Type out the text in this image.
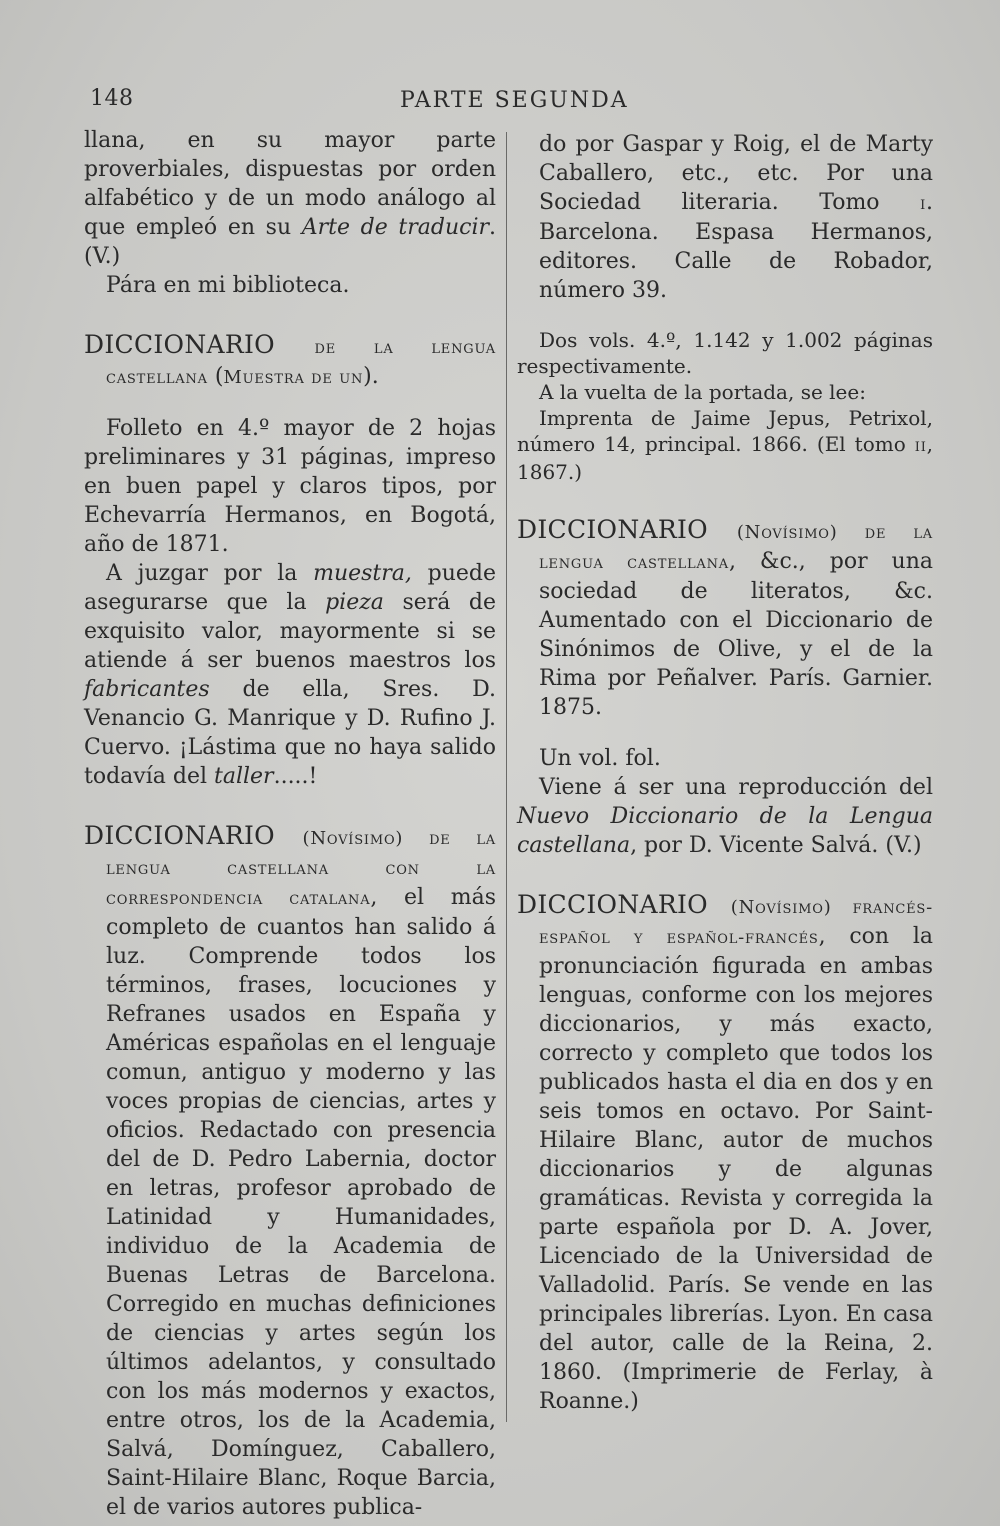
148	PARTE SEGUNDA

llana, en su mayor parte proverbiales, dispuestas por orden alfabético y de un modo análogo al que empleó en su Arte de traducir. (V.)

Pára en mi biblioteca.

DICCIONARIO de la lengua castellana (Muestra de un).

Folleto en 4.º mayor de 2 hojas preliminares y 31 páginas, impreso en buen papel y claros tipos, por Echevarría Hermanos, en Bogotá, año de 1871.

A juzgar por la muestra, puede asegurarse que la pieza será de exquisito valor, mayormente si se atiende á ser buenos maestros los fabricantes de ella, Sres. D. Venancio G. Manrique y D. Rufino J. Cuervo. ¡Lástima que no haya salido todavía del taller.....!

DICCIONARIO (Novísimo) de la lengua castellana con la correspondencia catalana, el más completo de cuantos han salido á luz. Comprende todos los términos, frases, locuciones y Refranes usados en España y Américas españolas en el lenguaje comun, antiguo y moderno y las voces propias de ciencias, artes y oficios. Redactado con presencia del de D. Pedro Labernia, doctor en letras, profesor aprobado de Latinidad y Humanidades, individuo de la Academia de Buenas Letras de Barcelona. Corregido en muchas definiciones de ciencias y artes según los últimos adelantos, y consultado con los más modernos y exactos, entre otros, los de la Academia, Salvá, Domínguez, Caballero, Saint-Hilaire Blanc, Roque Barcia, el de varios autores publica-

do por Gaspar y Roig, el de Marty Caballero, etc., etc. Por una Sociedad literaria. Tomo i. Barcelona. Espasa Hermanos, editores. Calle de Robador, número 39.

Dos vols. 4.º, 1.142 y 1.002 páginas respectivamente.

A la vuelta de la portada, se lee:

Imprenta de Jaime Jepus, Petrixol, número 14, principal. 1866. (El tomo ii, 1867.)

DICCIONARIO (Novísimo) de la lengua castellana, &c., por una sociedad de literatos, &c. Aumentado con el Diccionario de Sinónimos de Olive, y el de la Rima por Peñalver. París. Garnier. 1875.

Un vol. fol.

Viene á ser una reproducción del Nuevo Diccionario de la Lengua castellana, por D. Vicente Salvá. (V.)

DICCIONARIO (Novísimo) francés-español y español-francés, con la pronunciación figurada en ambas lenguas, conforme con los mejores diccionarios, y más exacto, correcto y completo que todos los publicados hasta el dia en dos y en seis tomos en octavo. Por Saint-Hilaire Blanc, autor de muchos diccionarios y de algunas gramáticas. Revista y corregida la parte española por D. A. Jover, Licenciado de la Universidad de Valladolid. París. Se vende en las principales librerías. Lyon. En casa del autor, calle de la Reina, 2. 1860. (Imprimerie de Ferlay, à Roanne.)
